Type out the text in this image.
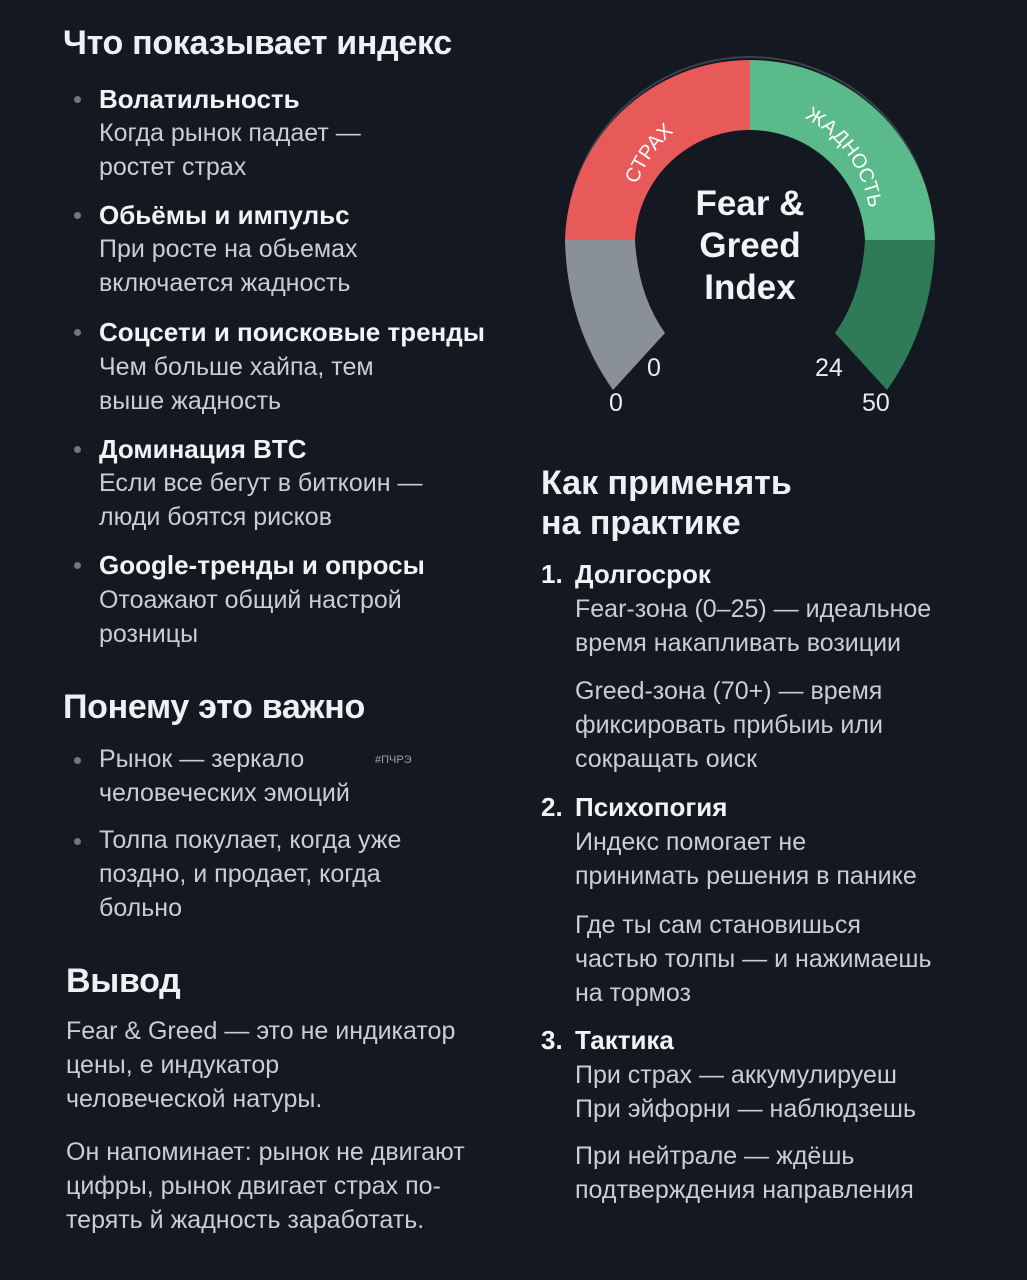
Что показывает индекс
Волатильность
Когда рынок падает —
ростет страх
Обьёмы и импульс
При росте на обьемах
включается жадность
Соцсети и поисковые тренды
Чем больше хайпа, тем
выше жадность
Доминация BTC
Если все бегут в биткоин —
люди боятся рисков
Google-тренды и опросы
Отоажают общий настрой
розницы
Понему это важно
Рынок — зеркало
человеческих эмоций
#ПЧРЭ
Толпа покулает, когда уже
поздно, и продает, когда
больно
Вывод
Fear & Greed — это не индикатор
цены, е индукатор
человеческой натуры.
Он напоминает: рынок не двигают
цифры, рынок двигает страх по-
терять й жадность заработать.
СТРАХ
ЖАДНОСТЬ
Fear &
Greed
Index
0	24
0	50
Как применять
на практике
1. Долгосрок
Fear-зона (0–25) — идеальное
время накапливать возиции
Greed-зона (70+) — время
фиксировать прибыиь или
сокращать оиск
2. Психопогия
Индекс помогает не
принимать решения в панике
Где ты сам становишься
частью толпы — и нажимаешь
на тормоз
3. Тактика
При страх — аккумулируеш
При эйфорни — наблюдзешь
При нейтрале — ждёшь
подтверждения направления
